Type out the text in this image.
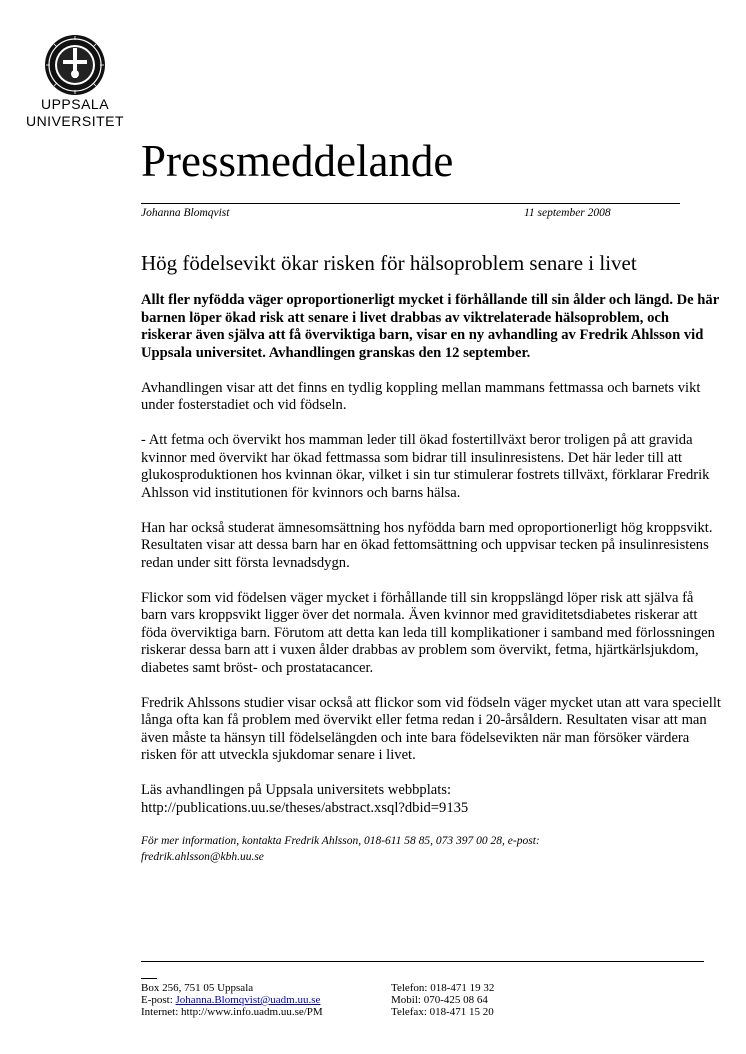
UPPSALA
UNIVERSITET
Pressmeddelande
Johanna Blomqvist	11 september 2008
Hög födelsevikt ökar risken för hälsoproblem senare i livet

Allt fler nyfödda väger oproportionerligt mycket i förhållande till sin ålder och längd. De här barnen löper ökad risk att senare i livet drabbas av viktrelaterade hälsoproblem, och riskerar även själva att få överviktiga barn, visar en ny avhandling av Fredrik Ahlsson vid Uppsala universitet. Avhandlingen granskas den 12 september.

Avhandlingen visar att det finns en tydlig koppling mellan mammans fettmassa och barnets vikt under fosterstadiet och vid födseln.

- Att fetma och övervikt hos mamman leder till ökad fostertillväxt beror troligen på att gravida kvinnor med övervikt har ökad fettmassa som bidrar till insulinresistens. Det här leder till att glukosproduktionen hos kvinnan ökar, vilket i sin tur stimulerar fostrets tillväxt, förklarar Fredrik Ahlsson vid institutionen för kvinnors och barns hälsa.

Han har också studerat ämnesomsättning hos nyfödda barn med oproportionerligt hög kroppsvikt. Resultaten visar att dessa barn har en ökad fettomsättning och uppvisar tecken på insulinresistens redan under sitt första levnadsdygn.

Flickor som vid födelsen väger mycket i förhållande till sin kroppslängd löper risk att själva få barn vars kroppsvikt ligger över det normala. Även kvinnor med graviditetsdiabetes riskerar att föda överviktiga barn. Förutom att detta kan leda till komplikationer i samband med förlossningen riskerar dessa barn att i vuxen ålder drabbas av problem som övervikt, fetma, hjärtkärlsjukdom, diabetes samt bröst- och prostatacancer.

Fredrik Ahlssons studier visar också att flickor som vid födseln väger mycket utan att vara speciellt långa ofta kan få problem med övervikt eller fetma redan i 20-årsåldern. Resultaten visar att man även måste ta hänsyn till födelselängden och inte bara födelsevikten när man försöker värdera risken för att utveckla sjukdomar senare i livet.

Läs avhandlingen på Uppsala universitets webbplats:
http://publications.uu.se/theses/abstract.xsql?dbid=9135

För mer information, kontakta Fredrik Ahlsson, 018-611 58 85, 073 397 00 28, e-post:
fredrik.ahlsson@kbh.uu.se

Box 256, 751 05 Uppsala
E-post: Johanna.Blomqvist@uadm.uu.se
Internet: http://www.info.uadm.uu.se/PM
Telefon: 018-471 19 32
Mobil: 070-425 08 64
Telefax: 018-471 15 20
